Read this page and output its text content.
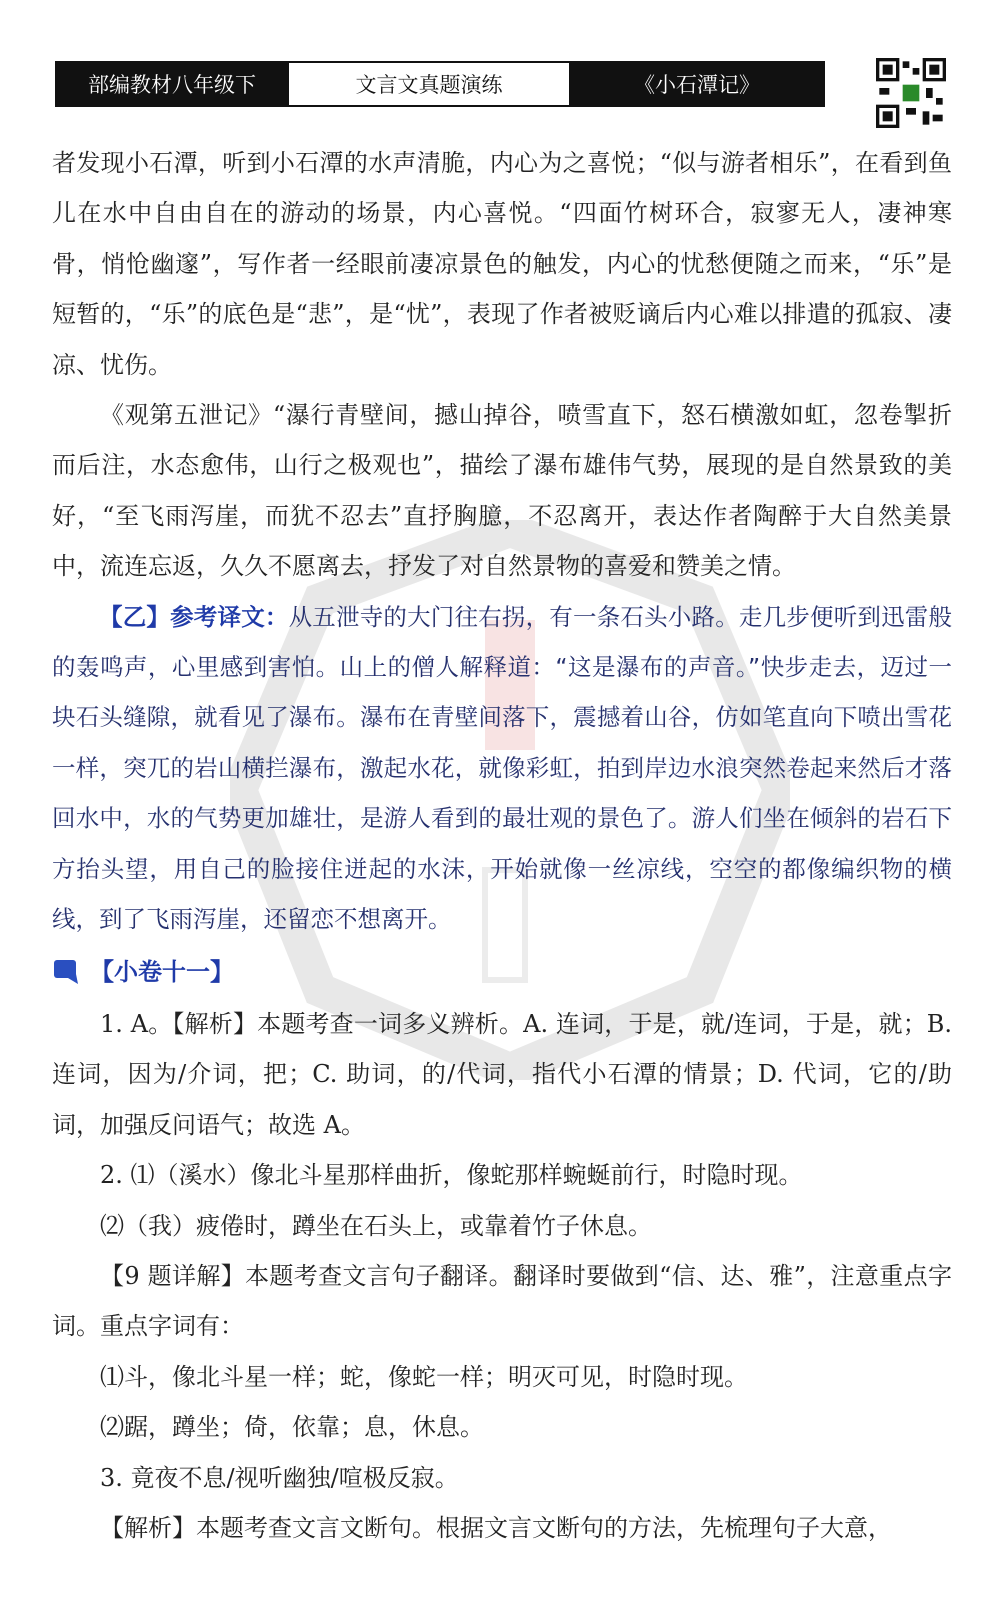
部编教材八年级下	文言文真题演练	《小石潭记》

者发现小石潭，听到小石潭的水声清脆，内心为之喜悦；“似与游者相乐”，在看到鱼儿在水中自由自在的游动的场景，内心喜悦。“四面竹树环合，寂寥无人，凄神寒骨，悄怆幽邃”，写作者一经眼前凄凉景色的触发，内心的忧愁便随之而来，“乐”是短暂的，“乐”的底色是“悲”，是“忧”，表现了作者被贬谪后内心难以排遣的孤寂、凄凉、忧伤。

《观第五泄记》“瀑行青壁间，撼山掉谷，喷雪直下，怒石横激如虹，忽卷掣折而后注，水态愈伟，山行之极观也”，描绘了瀑布雄伟气势，展现的是自然景致的美好，“至飞雨泻崖，而犹不忍去”直抒胸臆，不忍离开，表达作者陶醉于大自然美景中，流连忘返，久久不愿离去，抒发了对自然景物的喜爱和赞美之情。

【乙】参考译文：从五泄寺的大门往右拐，有一条石头小路。走几步便听到迅雷般的轰鸣声，心里感到害怕。山上的僧人解释道：“这是瀑布的声音。”快步走去，迈过一块石头缝隙，就看见了瀑布。瀑布在青壁间落下，震撼着山谷，仿如笔直向下喷出雪花一样，突兀的岩山横拦瀑布，激起水花，就像彩虹，拍到岸边水浪突然卷起来然后才落回水中，水的气势更加雄壮，是游人看到的最壮观的景色了。游人们坐在倾斜的岩石下方抬头望，用自己的脸接住迸起的水沫，开始就像一丝凉线，空空的都像编织物的横线，到了飞雨泻崖，还留恋不想离开。

【小卷十一】

1. A。【解析】本题考查一词多义辨析。A. 连词，于是，就/连词，于是，就；B. 连词，因为/介词，把；C. 助词，的/代词，指代小石潭的情景；D. 代词，它的/助词，加强反问语气；故选 A。

2. ⑴（溪水）像北斗星那样曲折，像蛇那样蜿蜒前行，时隐时现。

⑵（我）疲倦时，蹲坐在石头上，或靠着竹子休息。

【9 题详解】本题考查文言句子翻译。翻译时要做到“信、达、雅”，注意重点字词。重点字词有：

⑴斗，像北斗星一样；蛇，像蛇一样；明灭可见，时隐时现。

⑵踞，蹲坐；倚，依靠；息，休息。

3. 竟夜不息/视听幽独/喧极反寂。

【解析】本题考查文言文断句。根据文言文断句的方法，先梳理句子大意，
